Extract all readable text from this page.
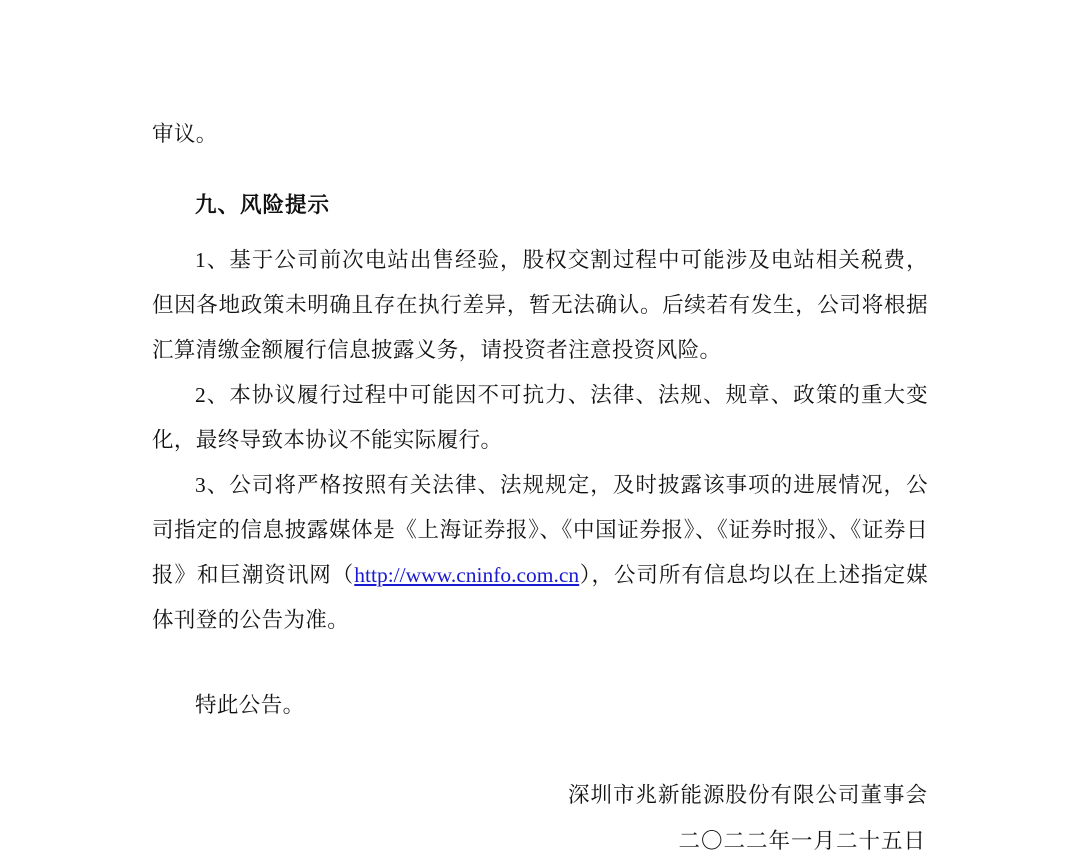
审议。

九、风险提示

1、基于公司前次电站出售经验，股权交割过程中可能涉及电站相关税费，但因各地政策未明确且存在执行差异，暂无法确认。后续若有发生，公司将根据汇算清缴金额履行信息披露义务，请投资者注意投资风险。

2、本协议履行过程中可能因不可抗力、法律、法规、规章、政策的重大变化，最终导致本协议不能实际履行。

3、公司将严格按照有关法律、法规规定，及时披露该事项的进展情况，公司指定的信息披露媒体是《上海证券报》、《中国证券报》、《证券时报》、《证券日报》和巨潮资讯网（http://www.cninfo.com.cn），公司所有信息均以在上述指定媒体刊登的公告为准。

特此公告。

深圳市兆新能源股份有限公司董事会
二〇二二年一月二十五日
